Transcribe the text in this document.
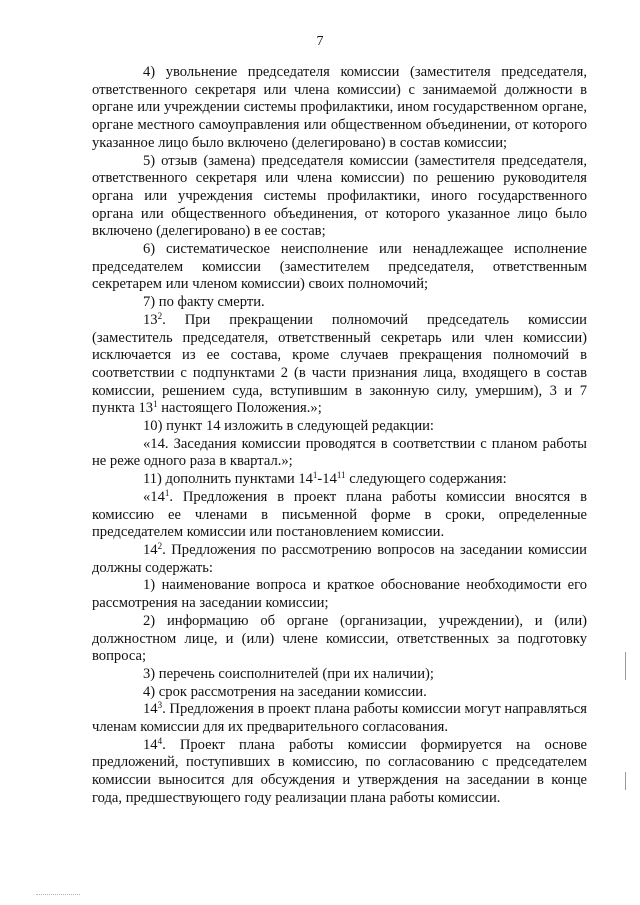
7

4) увольнение председателя комиссии (заместителя председателя, ответственного секретаря или члена комиссии) с занимаемой должности в органе или учреждении системы профилактики, ином государственном органе, органе местного самоуправления или общественном объединении, от которого указанное лицо было включено (делегировано) в состав комиссии;

5) отзыв (замена) председателя комиссии (заместителя председателя, ответственного секретаря или члена комиссии) по решению руководителя органа или учреждения системы профилактики, иного государственного органа или общественного объединения, от которого указанное лицо было включено (делегировано) в ее состав;

6) систематическое неисполнение или ненадлежащее исполнение председателем комиссии (заместителем председателя, ответственным секретарем или членом комиссии) своих полномочий;

7) по факту смерти.

$13^2$. При прекращении полномочий председатель комиссии (заместитель председателя, ответственный секретарь или член комиссии) исключается из ее состава, кроме случаев прекращения полномочий в соответствии с подпунктами 2 (в части признания лица, входящего в состав комиссии, решением суда, вступившим в законную силу, умершим), 3 и 7 пункта $13^1$ настоящего Положения.»;

10) пункт 14 изложить в следующей редакции:

«14. Заседания комиссии проводятся в соответствии с планом работы не реже одного раза в квартал.»;

11) дополнить пунктами $14^1-14^{11}$ следующего содержания:

«$14^1$. Предложения в проект плана работы комиссии вносятся в комиссию ее членами в письменной форме в сроки, определенные председателем комиссии или постановлением комиссии.

$14^2$. Предложения по рассмотрению вопросов на заседании комиссии должны содержать:

1) наименование вопроса и краткое обоснование необходимости его рассмотрения на заседании комиссии;

2) информацию об органе (организации, учреждении), и (или) должностном лице, и (или) члене комиссии, ответственных за подготовку вопроса;

3) перечень соисполнителей (при их наличии);

4) срок рассмотрения на заседании комиссии.

$14^3$. Предложения в проект плана работы комиссии могут направляться членам комиссии для их предварительного согласования.

$14^4$. Проект плана работы комиссии формируется на основе предложений, поступивших в комиссию, по согласованию с председателем комиссии выносится для обсуждения и утверждения на заседании в конце года, предшествующего году реализации плана работы комиссии.
